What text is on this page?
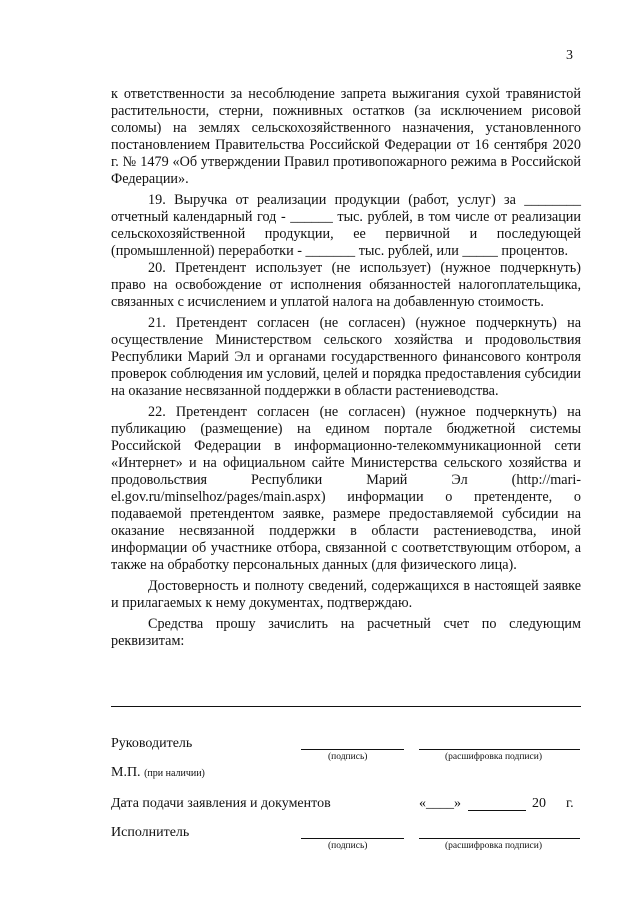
3

к ответственности за несоблюдение запрета выжигания сухой травянистой растительности, стерни, пожнивных остатков (за исключением рисовой соломы) на землях сельскохозяйственного назначения, установленного постановлением Правительства Российской Федерации от 16 сентября 2020 г. № 1479 «Об утверждении Правил противопожарного режима в Российской Федерации».

19. Выручка от реализации продукции (работ, услуг) за ________ отчетный календарный год - ______ тыс. рублей, в том числе от реализации сельскохозяйственной продукции, ее первичной и последующей (промышленной) переработки - _______ тыс. рублей, или _____ процентов.

20. Претендент использует (не использует) (нужное подчеркнуть) право на освобождение от исполнения обязанностей налогоплательщика, связанных с исчислением и уплатой налога на добавленную стоимость.

21. Претендент согласен (не согласен) (нужное подчеркнуть) на осуществление Министерством сельского хозяйства и продовольствия Республики Марий Эл и органами государственного финансового контроля проверок соблюдения им условий, целей и порядка предоставления субсидии на оказание несвязанной поддержки в области растениеводства.

22. Претендент согласен (не согласен) (нужное подчеркнуть) на публикацию (размещение) на едином портале бюджетной системы Российской Федерации в информационно-телекоммуникационной сети «Интернет» и на официальном сайте Министерства сельского хозяйства и продовольствия Республики Марий Эл (http://mari-el.gov.ru/minselhoz/pages/main.aspx) информации о претенденте, о подаваемой претендентом заявке, размере предоставляемой субсидии на оказание несвязанной поддержки в области растениеводства, иной информации об участнике отбора, связанной с соответствующим отбором, а также на обработку персональных данных (для физического лица).

Достоверность и полноту сведений, содержащихся в настоящей заявке и прилагаемых к нему документах, подтверждаю.

Средства прошу зачислить на расчетный счет по следующим реквизитам:

Руководитель
(подпись)	(расшифровка подписи)
М.П. (при наличии)
Дата подачи заявления и документов	«____»	20 г.
Исполнитель
(подпись)	(расшифровка подписи)
